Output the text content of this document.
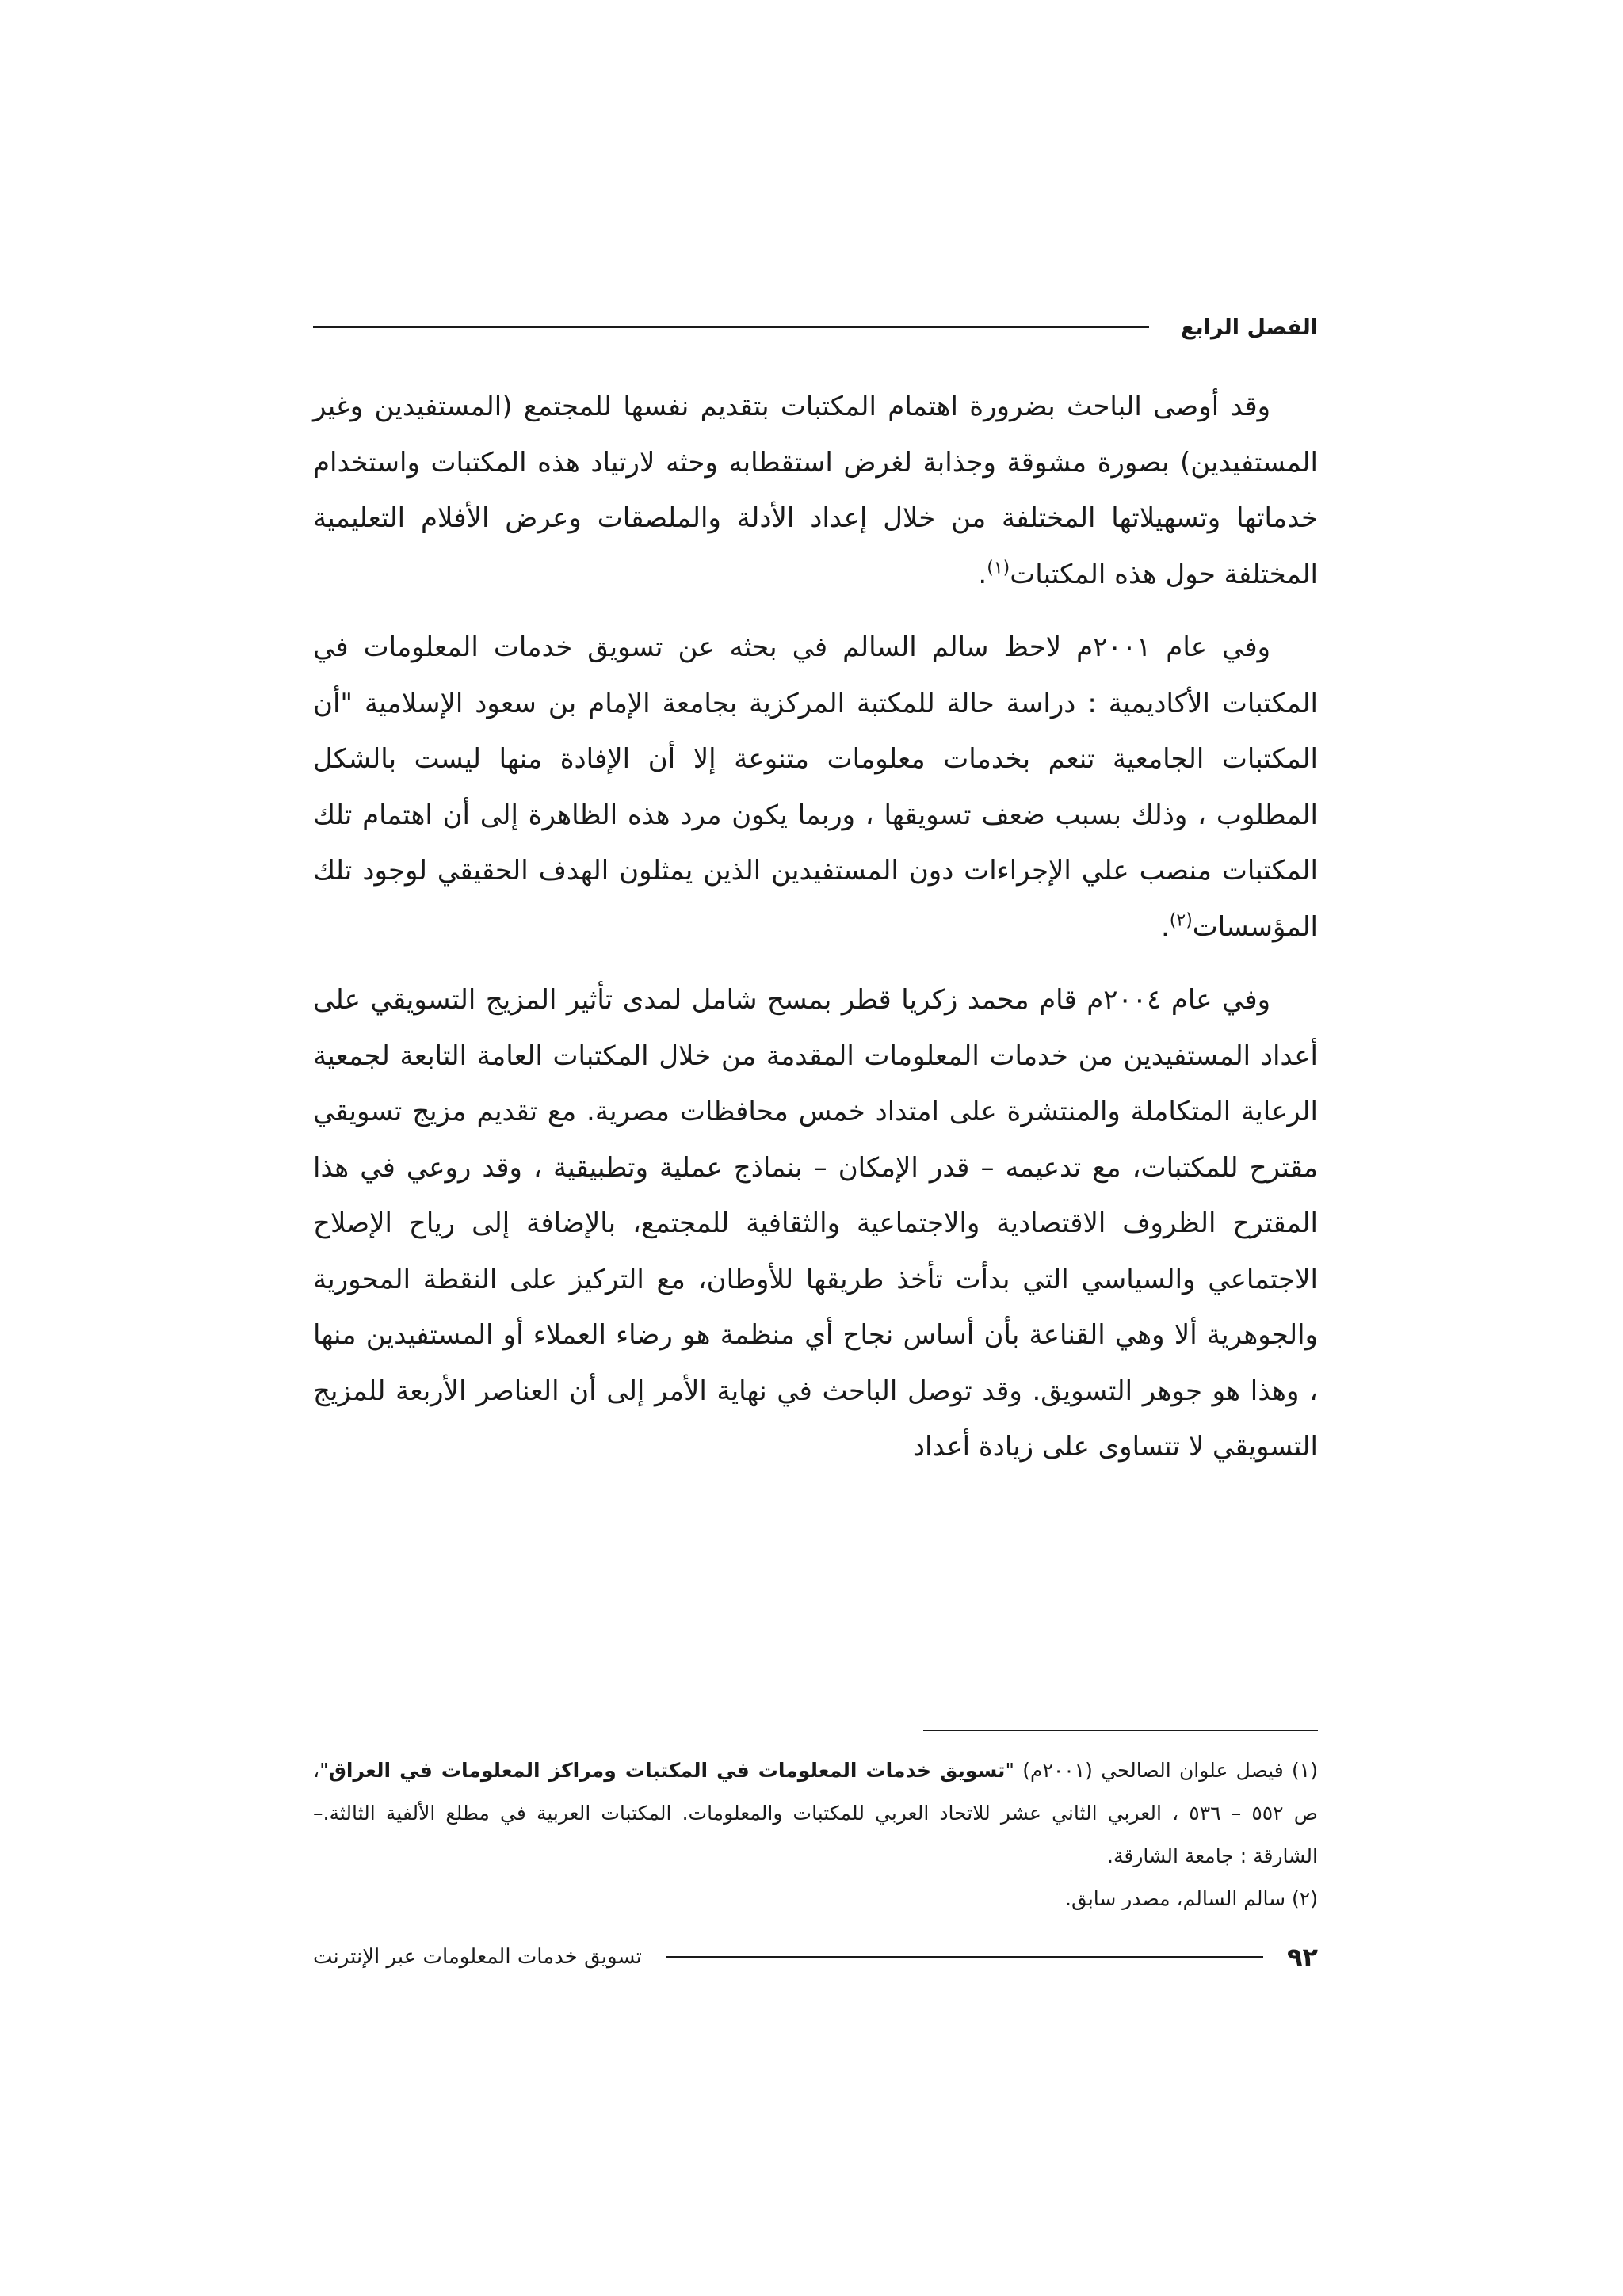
الفصل الرابع

وقد أوصى الباحث بضرورة اهتمام المكتبات بتقديم نفسها للمجتمع (المستفيدين وغير المستفيدين) بصورة مشوقة وجذابة لغرض استقطابه وحثه لارتياد هذه المكتبات واستخدام خدماتها وتسهيلاتها المختلفة من خلال إعداد الأدلة والملصقات وعرض الأفلام التعليمية المختلفة حول هذه المكتبات$^{(١)}$.

وفي عام ٢٠٠١م لاحظ سالم السالم في بحثه عن تسويق خدمات المعلومات في المكتبات الأكاديمية : دراسة حالة للمكتبة المركزية بجامعة الإمام بن سعود الإسلامية "أن المكتبات الجامعية تنعم بخدمات معلومات متنوعة إلا أن الإفادة منها ليست بالشكل المطلوب ، وذلك بسبب ضعف تسويقها ، وربما يكون مرد هذه الظاهرة إلى أن اهتمام تلك المكتبات منصب علي الإجراءات دون المستفيدين الذين يمثلون الهدف الحقيقي لوجود تلك المؤسسات$^{(٢)}$.

وفي عام ٢٠٠٤م قام محمد زكريا قطر بمسح شامل لمدى تأثير المزيج التسويقي على أعداد المستفيدين من خدمات المعلومات المقدمة من خلال المكتبات العامة التابعة لجمعية الرعاية المتكاملة والمنتشرة على امتداد خمس محافظات مصرية. مع تقديم مزيج تسويقي مقترح للمكتبات، مع تدعيمه – قدر الإمكان – بنماذج عملية وتطبيقية ، وقد روعي في هذا المقترح الظروف الاقتصادية والاجتماعية والثقافية للمجتمع، بالإضافة إلى رياح الإصلاح الاجتماعي والسياسي التي بدأت تأخذ طريقها للأوطان، مع التركيز على النقطة المحورية والجوهرية ألا وهي القناعة بأن أساس نجاح أي منظمة هو رضاء العملاء أو المستفيدين منها ، وهذا هو جوهر التسويق. وقد توصل الباحث في نهاية الأمر إلى أن العناصر الأربعة للمزيج التسويقي لا تتساوى على زيادة أعداد

(١) فيصل علوان الصالحي (٢٠٠١م) "تسويق خدمات المعلومات في المكتبات ومراكز المعلومات في العراق"، ص ٥٥٢ – ٥٣٦ ، العربي الثاني عشر للاتحاد العربي للمكتبات والمعلومات. المكتبات العربية في مطلع الألفية الثالثة.– الشارقة : جامعة الشارقة.

(٢) سالم السالم، مصدر سابق.

٩٢
تسويق خدمات المعلومات عبر الإنترنت
